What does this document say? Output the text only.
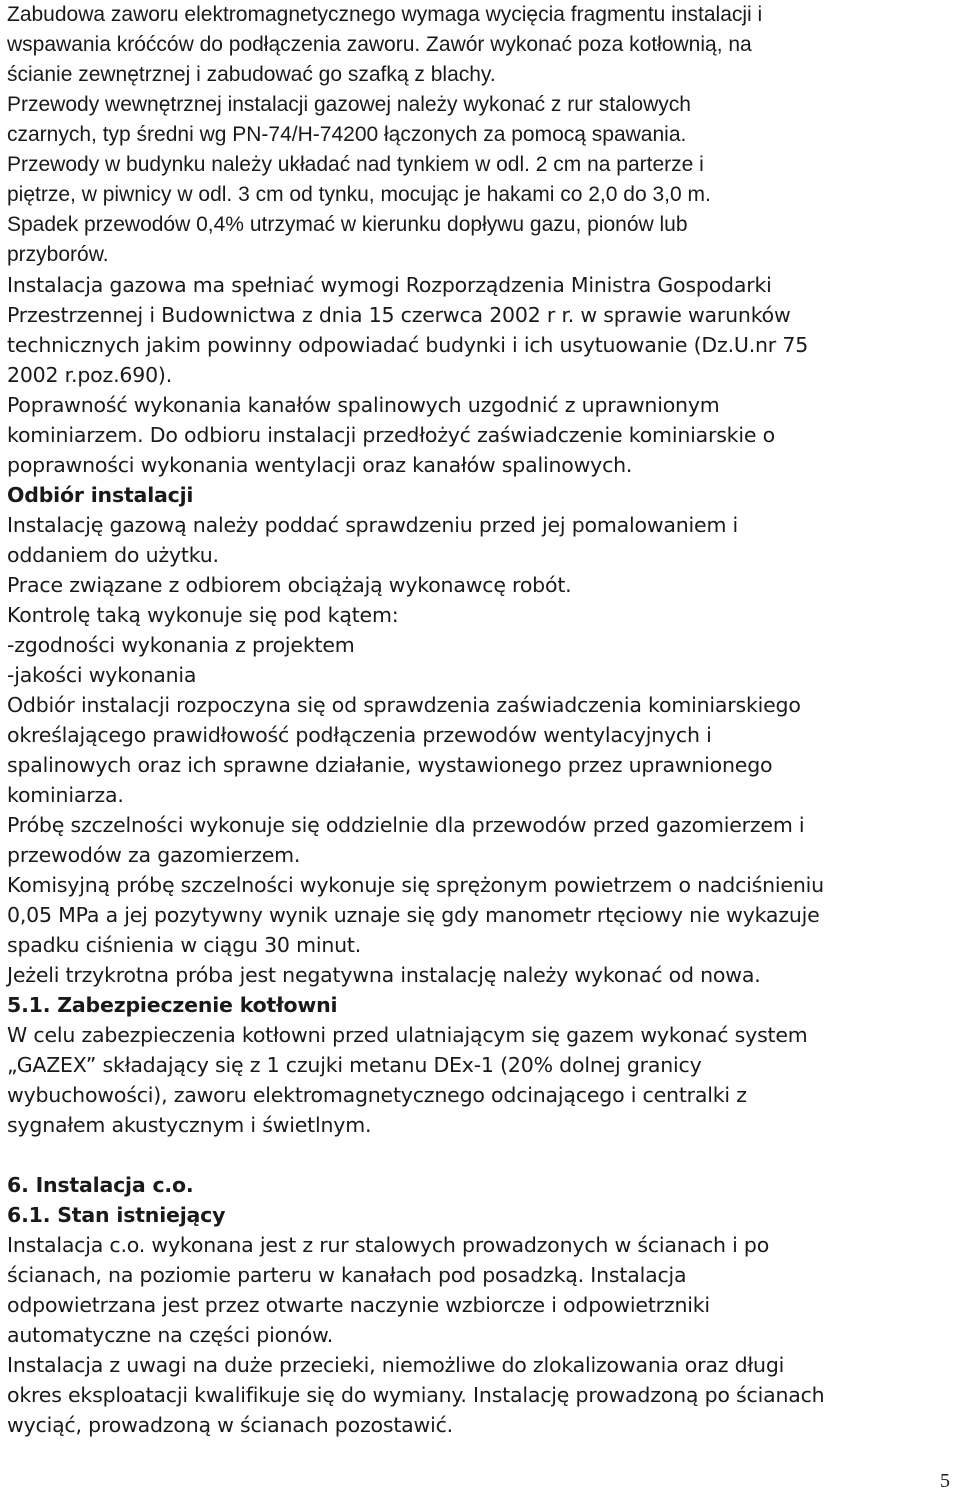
Zabudowa zaworu elektromagnetycznego wymaga wycięcia fragmentu instalacji i
wspawania króćców do podłączenia zaworu. Zawór wykonać poza kotłownią, na
ścianie zewnętrznej i zabudować go szafką z blachy.
Przewody wewnętrznej instalacji gazowej należy wykonać z rur stalowych
czarnych, typ średni wg PN-74/H-74200 łączonych za pomocą spawania.
Przewody w budynku należy układać nad tynkiem w odl. 2 cm na parterze i
piętrze, w piwnicy w odl. 3 cm od tynku, mocując je hakami co 2,0 do 3,0 m.
Spadek przewodów 0,4% utrzymać w kierunku dopływu gazu, pionów lub
przyborów.
Instalacja gazowa ma spełniać wymogi Rozporządzenia Ministra Gospodarki
Przestrzennej i Budownictwa z dnia 15 czerwca 2002 r r. w sprawie warunków
technicznych jakim powinny odpowiadać budynki i ich usytuowanie (Dz.U.nr 75
2002 r.poz.690).
Poprawność wykonania kanałów spalinowych uzgodnić z uprawnionym
kominiarzem. Do odbioru instalacji przedłożyć zaświadczenie kominiarskie o
poprawności wykonania wentylacji oraz kanałów spalinowych.
Odbiór instalacji
Instalację gazową należy poddać sprawdzeniu przed jej pomalowaniem i
oddaniem do użytku.
Prace związane z odbiorem obciążają wykonawcę robót.
Kontrolę taką wykonuje się pod kątem:
-zgodności wykonania z projektem
-jakości wykonania
Odbiór instalacji rozpoczyna się od sprawdzenia zaświadczenia kominiarskiego
określającego prawidłowość podłączenia przewodów wentylacyjnych i
spalinowych oraz ich sprawne działanie, wystawionego przez uprawnionego
kominiarza.
Próbę szczelności wykonuje się oddzielnie dla przewodów przed gazomierzem i
przewodów za gazomierzem.
Komisyjną próbę szczelności wykonuje się sprężonym powietrzem o nadciśnieniu
0,05 MPa a jej pozytywny wynik uznaje się gdy manometr rtęciowy nie wykazuje
spadku ciśnienia w ciągu 30 minut.
Jeżeli trzykrotna próba jest negatywna instalację należy wykonać od nowa.
5.1. Zabezpieczenie kotłowni
W celu zabezpieczenia kotłowni przed ulatniającym się gazem wykonać system
„GAZEX” składający się z 1 czujki metanu DEx-1 (20% dolnej granicy
wybuchowości), zaworu elektromagnetycznego odcinającego i centralki z
sygnałem akustycznym i świetlnym.
6. Instalacja c.o.
6.1. Stan istniejący
Instalacja c.o. wykonana jest z rur stalowych prowadzonych w ścianach i po
ścianach, na poziomie parteru w kanałach pod posadzką. Instalacja
odpowietrzana jest przez otwarte naczynie wzbiorcze i odpowietrzniki
automatyczne na części pionów.
Instalacja z uwagi na duże przecieki, niemożliwe do zlokalizowania oraz długi
okres eksploatacji kwalifikuje się do wymiany. Instalację prowadzoną po ścianach
wyciąć, prowadzoną w ścianach pozostawić.
5
